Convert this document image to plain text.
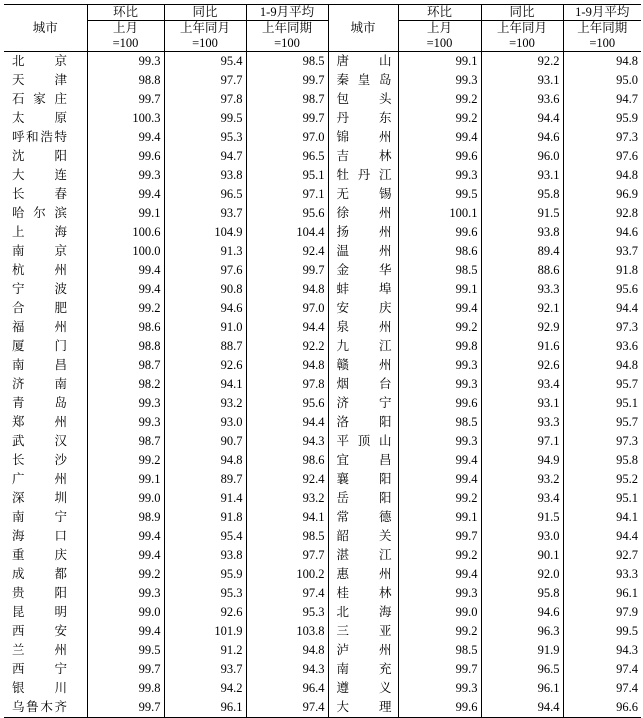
城市	环比	同比	1-9月平均	城市	环比	同比	1-9月平均
	上月	上年同月	上年同期		上月	上年同月	上年同期
	=100	=100	=100		=100	=100	=100
北京	99.3	95.4	98.5	唐山	99.1	92.2	94.8
天津	98.8	97.7	99.7	秦皇岛	99.3	93.1	95.0
石家庄	99.7	97.8	98.7	包头	99.2	93.6	94.7
太原	100.3	99.5	99.7	丹东	99.2	94.4	95.9
呼和浩特	99.4	95.3	97.0	锦州	99.4	94.6	97.3
沈阳	99.6	94.7	96.5	吉林	99.6	96.0	97.6
大连	99.3	93.8	95.1	牡丹江	99.3	93.1	94.8
长春	99.4	96.5	97.1	无锡	99.5	95.8	96.9
哈尔滨	99.1	93.7	95.6	徐州	100.1	91.5	92.8
上海	100.6	104.9	104.4	扬州	99.6	93.8	94.6
南京	100.0	91.3	92.4	温州	98.6	89.4	93.7
杭州	99.4	97.6	99.7	金华	98.5	88.6	91.8
宁波	99.4	90.8	94.8	蚌埠	99.1	93.3	95.6
合肥	99.2	94.6	97.0	安庆	99.4	92.1	94.4
福州	98.6	91.0	94.4	泉州	99.2	92.9	97.3
厦门	98.8	88.7	92.2	九江	99.8	91.6	93.6
南昌	98.7	92.6	94.8	赣州	99.3	92.6	94.8
济南	98.2	94.1	97.8	烟台	99.3	93.4	95.7
青岛	99.3	93.2	95.6	济宁	99.6	93.1	95.1
郑州	99.3	93.0	94.4	洛阳	98.5	93.3	95.7
武汉	98.7	90.7	94.3	平顶山	99.3	97.1	97.3
长沙	99.2	94.8	98.6	宜昌	99.4	94.9	95.8
广州	99.1	89.7	92.4	襄阳	99.4	93.2	95.2
深圳	99.0	91.4	93.2	岳阳	99.2	93.4	95.1
南宁	98.9	91.8	94.1	常德	99.1	91.5	94.1
海口	99.4	95.4	98.5	韶关	99.7	93.0	94.4
重庆	99.4	93.8	97.7	湛江	99.2	90.1	92.7
成都	99.2	95.9	100.2	惠州	99.4	92.0	93.3
贵阳	99.3	95.3	97.4	桂林	99.3	95.8	96.1
昆明	99.0	92.6	95.3	北海	99.0	94.6	97.9
西安	99.4	101.9	103.8	三亚	99.2	96.3	99.5
兰州	99.5	91.2	94.8	泸州	98.5	91.9	94.3
西宁	99.7	93.7	94.3	南充	99.7	96.5	97.4
银川	99.8	94.2	96.4	遵义	99.3	96.1	97.4
乌鲁木齐	99.7	96.1	97.4	大理	99.6	94.4	96.6
